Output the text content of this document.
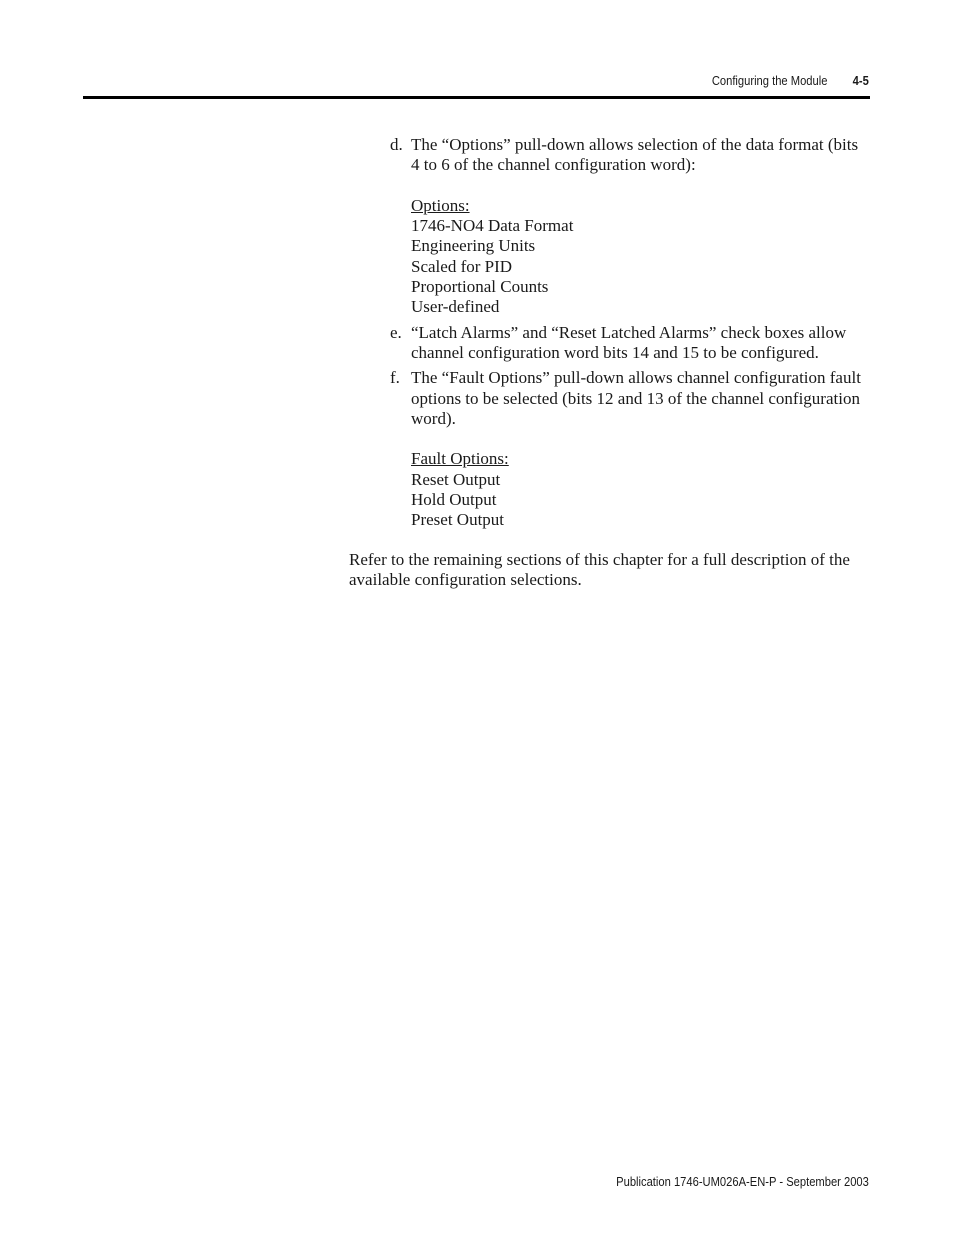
Configuring the Module 4-5
d. The “Options” pull-down allows selection of the data format (bits 4 to 6 of the channel configuration word):
Options:
1746-NO4 Data Format
Engineering Units
Scaled for PID
Proportional Counts
User-defined
e. “Latch Alarms” and “Reset Latched Alarms” check boxes allow channel configuration word bits 14 and 15 to be configured.
f. The “Fault Options” pull-down allows channel configuration fault options to be selected (bits 12 and 13 of the channel configuration word).
Fault Options:
Reset Output
Hold Output
Preset Output
Refer to the remaining sections of this chapter for a full description of the available configuration selections.
Publication 1746-UM026A-EN-P - September 2003
